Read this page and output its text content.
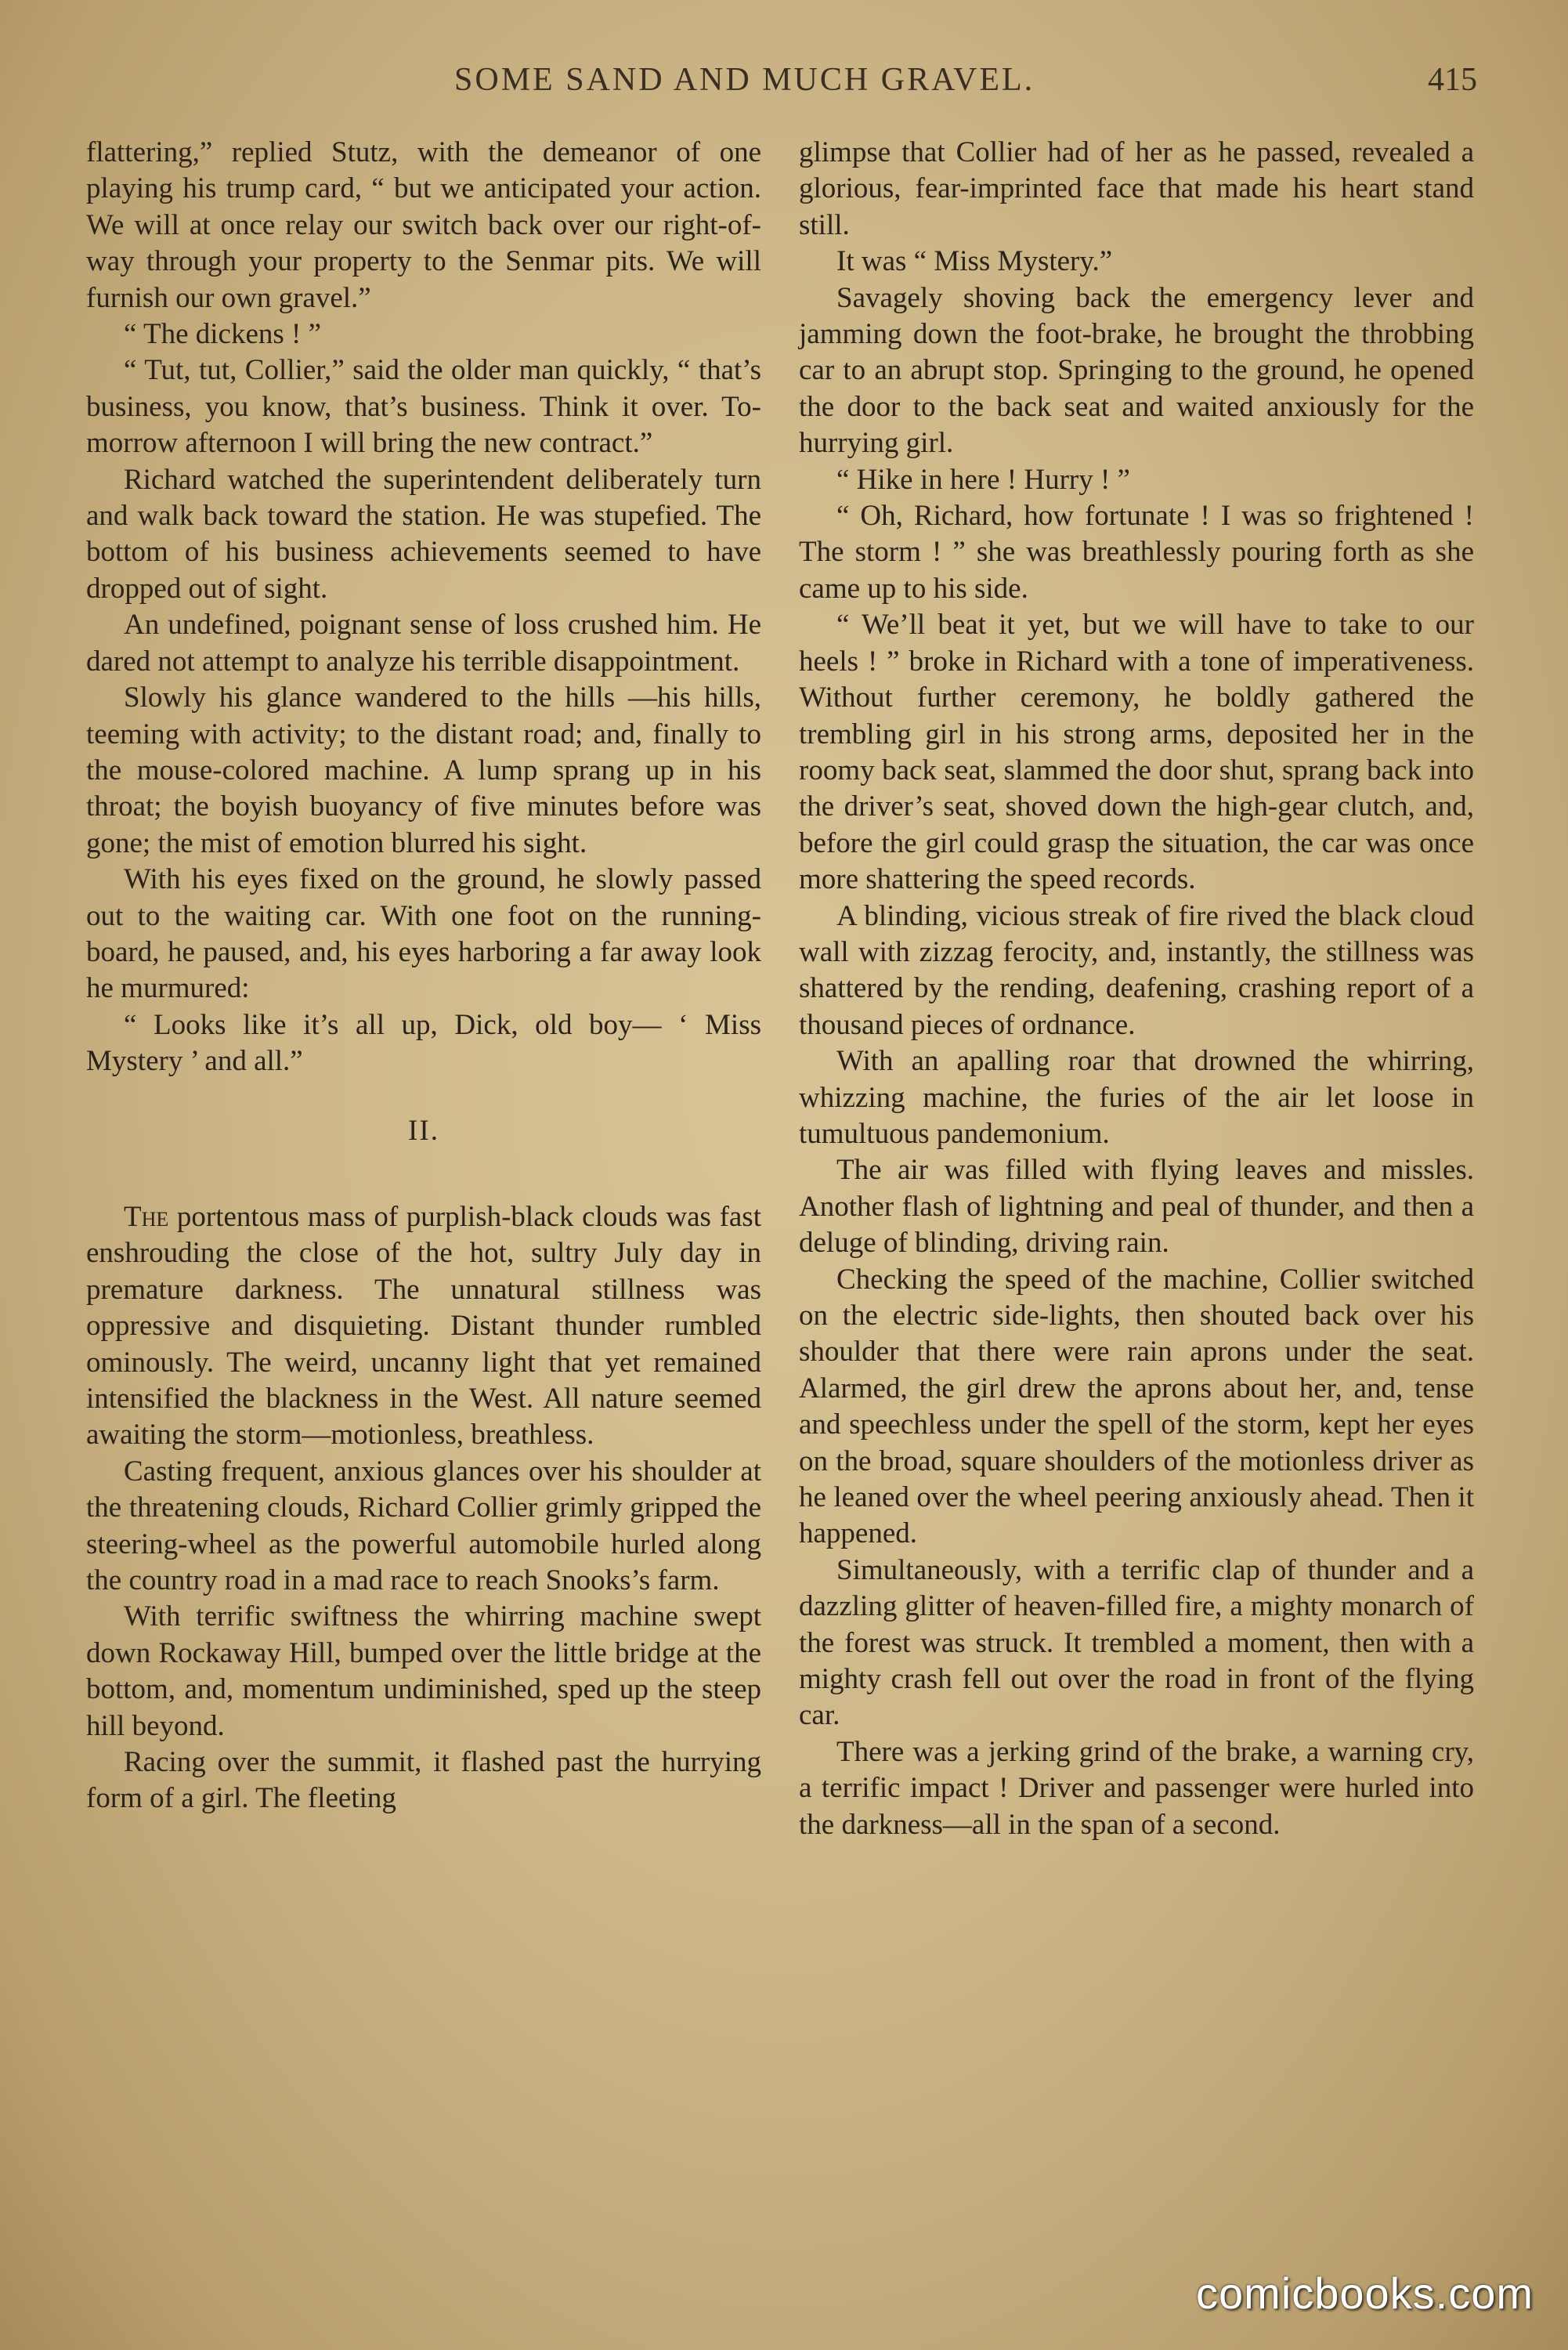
SOME SAND AND MUCH GRAVEL.	415

flattering,” replied Stutz, with the demeanor of one playing his trump card, “ but we anticipated your action. We will at once relay our switch back over our right-of-way through your property to the Senmar pits. We will furnish our own gravel.”

“ The dickens ! ”

“ Tut, tut, Collier,” said the older man quickly, “ that’s business, you know, that’s business. Think it over. To-morrow afternoon I will bring the new contract.”

Richard watched the superintendent deliberately turn and walk back toward the station. He was stupefied. The bottom of his business achievements seemed to have dropped out of sight.

An undefined, poignant sense of loss crushed him. He dared not attempt to analyze his terrible disappointment.

Slowly his glance wandered to the hills —his hills, teeming with activity; to the distant road; and, finally to the mouse-colored machine. A lump sprang up in his throat; the boyish buoyancy of five minutes before was gone; the mist of emotion blurred his sight.

With his eyes fixed on the ground, he slowly passed out to the waiting car. With one foot on the running-board, he paused, and, his eyes harboring a far away look he murmured:

“ Looks like it’s all up, Dick, old boy— ‘ Miss Mystery ’ and all.”

II.

The portentous mass of purplish-black clouds was fast enshrouding the close of the hot, sultry July day in premature darkness. The unnatural stillness was oppressive and disquieting. Distant thunder rumbled ominously. The weird, uncanny light that yet remained intensified the blackness in the West. All nature seemed awaiting the storm—motionless, breathless.

Casting frequent, anxious glances over his shoulder at the threatening clouds, Richard Collier grimly gripped the steering-wheel as the powerful automobile hurled along the country road in a mad race to reach Snooks’s farm.

With terrific swiftness the whirring machine swept down Rockaway Hill, bumped over the little bridge at the bottom, and, momentum undiminished, sped up the steep hill beyond.

Racing over the summit, it flashed past the hurrying form of a girl. The fleeting

glimpse that Collier had of her as he passed, revealed a glorious, fear-imprinted face that made his heart stand still.

It was “ Miss Mystery.”

Savagely shoving back the emergency lever and jamming down the foot-brake, he brought the throbbing car to an abrupt stop. Springing to the ground, he opened the door to the back seat and waited anxiously for the hurrying girl.

“ Hike in here ! Hurry ! ”

“ Oh, Richard, how fortunate ! I was so frightened ! The storm ! ” she was breathlessly pouring forth as she came up to his side.

“ We’ll beat it yet, but we will have to take to our heels ! ” broke in Richard with a tone of imperativeness. Without further ceremony, he boldly gathered the trembling girl in his strong arms, deposited her in the roomy back seat, slammed the door shut, sprang back into the driver’s seat, shoved down the high-gear clutch, and, before the girl could grasp the situation, the car was once more shattering the speed records.

A blinding, vicious streak of fire rived the black cloud wall with zizzag ferocity, and, instantly, the stillness was shattered by the rending, deafening, crashing report of a thousand pieces of ordnance.

With an apalling roar that drowned the whirring, whizzing machine, the furies of the air let loose in tumultuous pandemonium.

The air was filled with flying leaves and missles. Another flash of lightning and peal of thunder, and then a deluge of blinding, driving rain.

Checking the speed of the machine, Collier switched on the electric side-lights, then shouted back over his shoulder that there were rain aprons under the seat. Alarmed, the girl drew the aprons about her, and, tense and speechless under the spell of the storm, kept her eyes on the broad, square shoulders of the motionless driver as he leaned over the wheel peering anxiously ahead. Then it happened.

Simultaneously, with a terrific clap of thunder and a dazzling glitter of heaven-filled fire, a mighty monarch of the forest was struck. It trembled a moment, then with a mighty crash fell out over the road in front of the flying car.

There was a jerking grind of the brake, a warning cry, a terrific impact ! Driver and passenger were hurled into the darkness—all in the span of a second.

comicbooks.com
